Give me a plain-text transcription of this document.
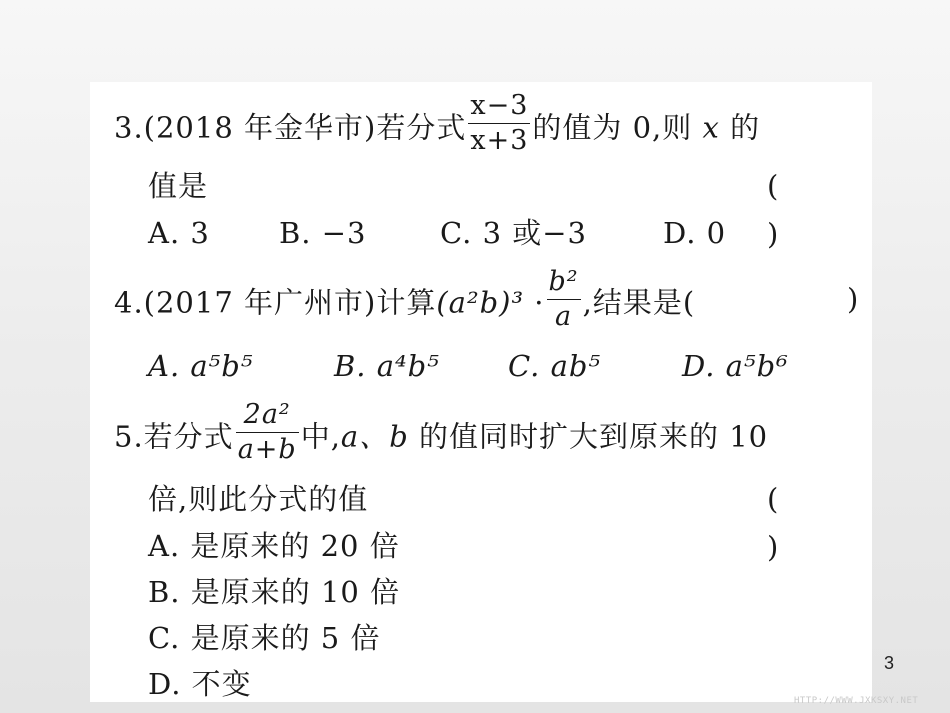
3.(2018 年金华市)若分式 $\frac{x-3}{x+3}$ 的值为 0,则 x 的
值是	( )
A. 3 B. −3	C. 3 或−3	D. 0
4.(2017 年广州市)计算$(a^2b)^3 \cdot \frac{\text{b²}}{a}$ ,结果是(	)
A. a⁵b⁵	B. a⁴b⁵ C. ab⁵	D. a⁵b⁶
5.若分式 $\frac{\text{2a²}}{a+b}$ 中,a、b 的值同时扩大到原来的 10
倍,则此分式的值	( )
A. 是原来的 20 倍
B. 是原来的 10 倍
C. 是原来的 5 倍
D. 不变
3
HTTP://WWW.JXKSXY.NET
